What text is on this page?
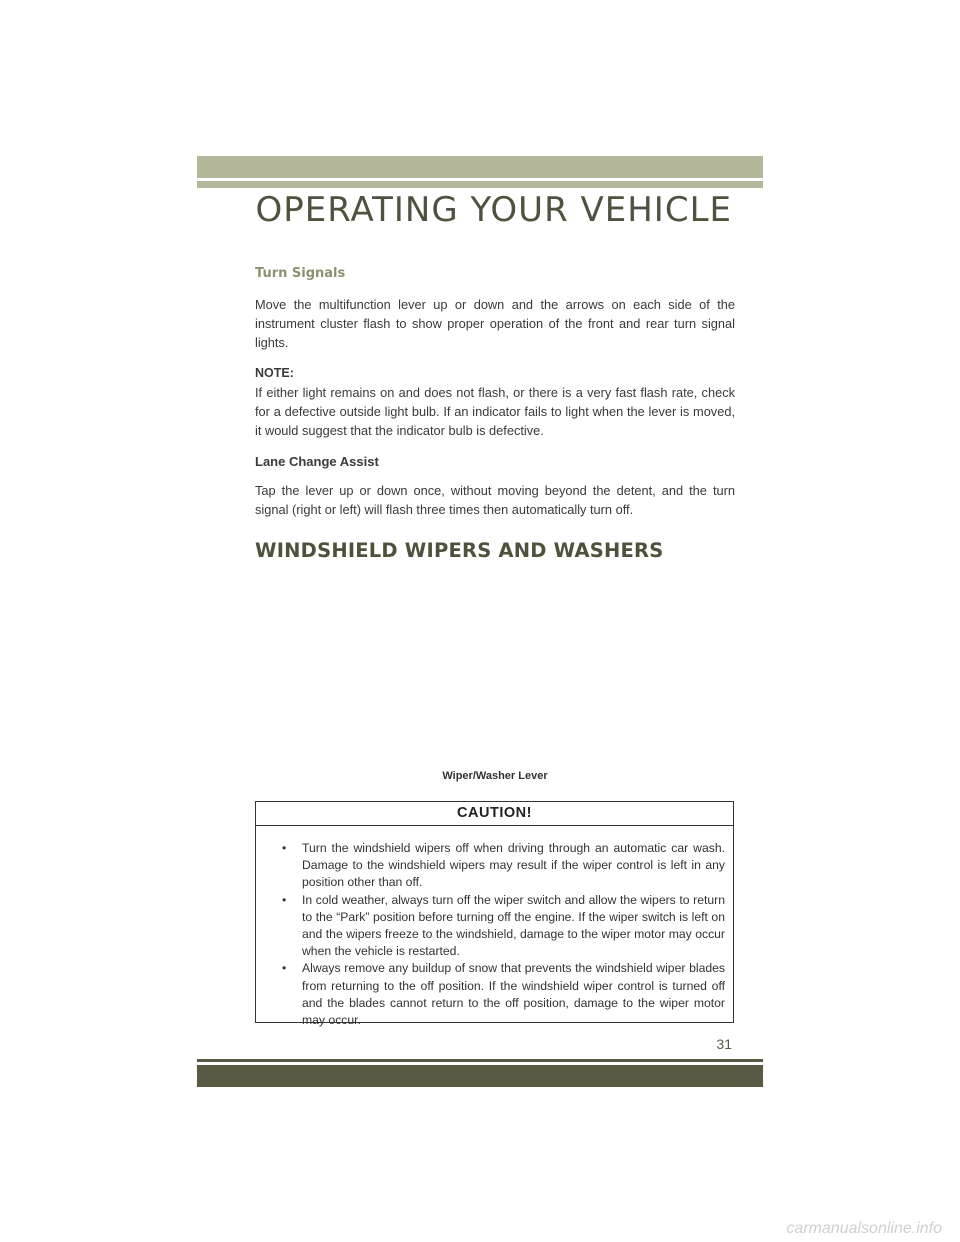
OPERATING YOUR VEHICLE
Turn Signals

Move the multifunction lever up or down and the arrows on each side of the instrument cluster flash to show proper operation of the front and rear turn signal lights.

NOTE:

If either light remains on and does not flash, or there is a very fast flash rate, check for a defective outside light bulb. If an indicator fails to light when the lever is moved, it would suggest that the indicator bulb is defective.

Lane Change Assist

Tap the lever up or down once, without moving beyond the detent, and the turn signal (right or left) will flash three times then automatically turn off.

WINDSHIELD WIPERS AND WASHERS
Wiper/Washer Lever
CAUTION!
• Turn the windshield wipers off when driving through an automatic car wash. Damage to the windshield wipers may result if the wiper control is left in any position other than off.
• In cold weather, always turn off the wiper switch and allow the wipers to return to the “Park” position before turning off the engine. If the wiper switch is left on and the wipers freeze to the windshield, damage to the wiper motor may occur when the vehicle is restarted.
• Always remove any buildup of snow that prevents the windshield wiper blades from returning to the off position. If the windshield wiper control is turned off and the blades cannot return to the off position, damage to the wiper motor may occur.
31
carmanualsonline.info
